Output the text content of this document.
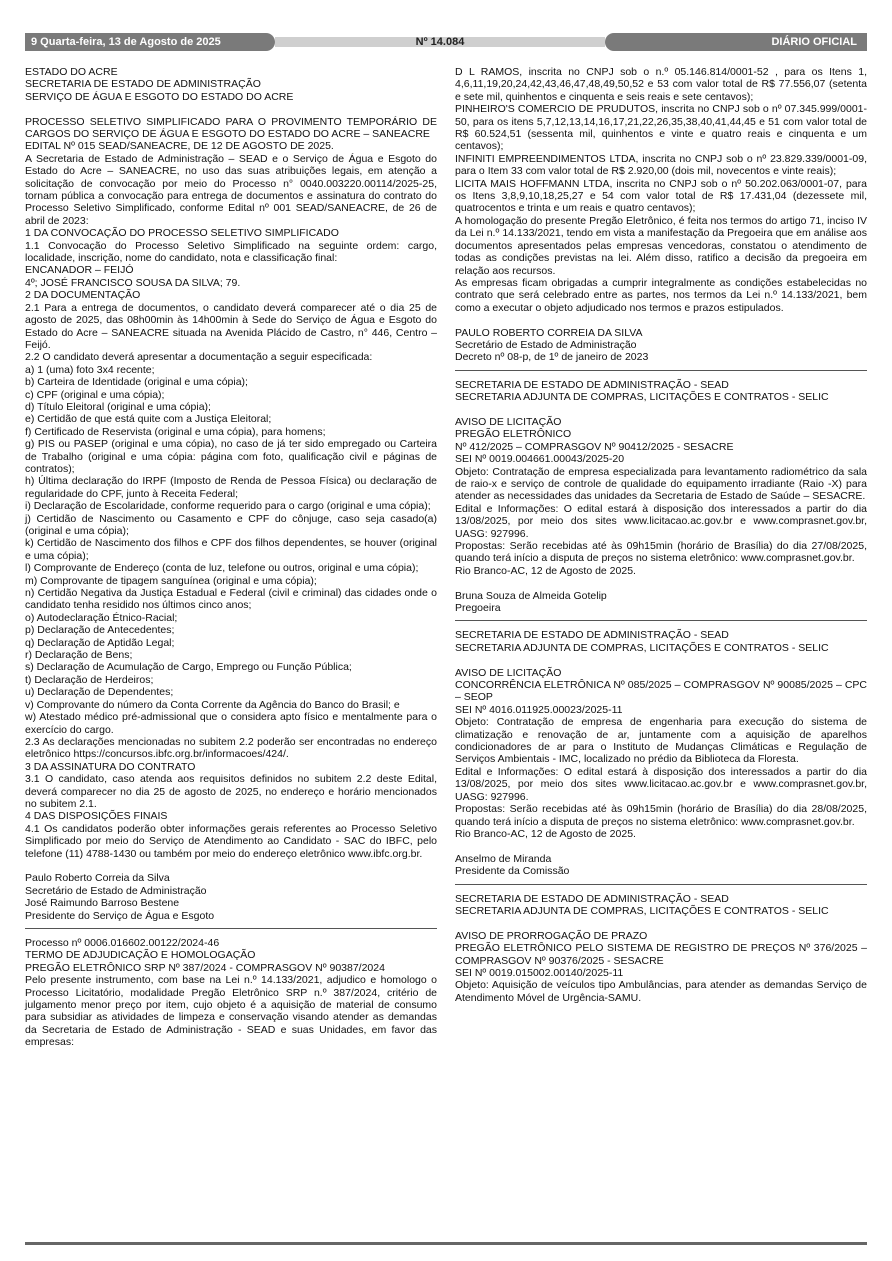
9 Quarta-feira, 13 de Agosto de 2025	Nº 14.084	DIÁRIO OFICIAL

ESTADO DO ACRE

SECRETARIA DE ESTADO DE ADMINISTRAÇÃO

SERVIÇO DE ÁGUA E ESGOTO DO ESTADO DO ACRE

PROCESSO SELETIVO SIMPLIFICADO PARA O PROVIMENTO TEMPORÁRIO DE CARGOS DO SERVIÇO DE ÁGUA E ESGOTO DO ESTADO DO ACRE – SANEACRE

EDITAL Nº 015 SEAD/SANEACRE, DE 12 DE AGOSTO DE 2025.

A Secretaria de Estado de Administração – SEAD e o Serviço de Água e Esgoto do Estado do Acre – SANEACRE, no uso das suas atribuições legais, em atenção a solicitação de convocação por meio do Processo n° 0040.003220.00114/2025-25, tornam pública a convocação para entrega de documentos e assinatura do contrato do Processo Seletivo Simplificado, conforme Edital nº 001 SEAD/SANEACRE, de 26 de abril de 2023:

1 DA CONVOCAÇÃO DO PROCESSO SELETIVO SIMPLIFICADO

1.1 Convocação do Processo Seletivo Simplificado na seguinte ordem: cargo, localidade, inscrição, nome do candidato, nota e classificação final:

ENCANADOR – FEIJÓ

4º; JOSÉ FRANCISCO SOUSA DA SILVA; 79.

2 DA DOCUMENTAÇÃO

2.1 Para a entrega de documentos, o candidato deverá comparecer até o dia 25 de agosto de 2025, das 08h00min às 14h00min à Sede do Serviço de Água e Esgoto do Estado do Acre – SANEACRE situada na Avenida Plácido de Castro, n° 446, Centro – Feijó.

2.2 O candidato deverá apresentar a documentação a seguir especificada:

a) 1 (uma) foto 3x4 recente;

b) Carteira de Identidade (original e uma cópia);

c) CPF (original e uma cópia);

d) Título Eleitoral (original e uma cópia);

e) Certidão de que está quite com a Justiça Eleitoral;

f) Certificado de Reservista (original e uma cópia), para homens;

g) PIS ou PASEP (original e uma cópia), no caso de já ter sido empregado ou Carteira de Trabalho (original e uma cópia: página com foto, qualificação civil e páginas de contratos);

h) Última declaração do IRPF (Imposto de Renda de Pessoa Física) ou declaração de regularidade do CPF, junto à Receita Federal;

i) Declaração de Escolaridade, conforme requerido para o cargo (original e uma cópia);

j) Certidão de Nascimento ou Casamento e CPF do cônjuge, caso seja casado(a) (original e uma cópia);

k) Certidão de Nascimento dos filhos e CPF dos filhos dependentes, se houver (original e uma cópia);

l) Comprovante de Endereço (conta de luz, telefone ou outros, original e uma cópia);

m) Comprovante de tipagem sanguínea (original e uma cópia);

n) Certidão Negativa da Justiça Estadual e Federal (civil e criminal) das cidades onde o candidato tenha residido nos últimos cinco anos;

o) Autodeclaração Étnico-Racial;

p) Declaração de Antecedentes;

q) Declaração de Aptidão Legal;

r) Declaração de Bens;

s) Declaração de Acumulação de Cargo, Emprego ou Função Pública;

t) Declaração de Herdeiros;

u) Declaração de Dependentes;

v) Comprovante do número da Conta Corrente da Agência do Banco do Brasil; e

w) Atestado médico pré-admissional que o considera apto físico e mentalmente para o exercício do cargo.

2.3 As declarações mencionadas no subitem 2.2 poderão ser encontradas no endereço eletrônico https://concursos.ibfc.org.br/informacoes/424/.

3 DA ASSINATURA DO CONTRATO

3.1 O candidato, caso atenda aos requisitos definidos no subitem 2.2 deste Edital, deverá comparecer no dia 25 de agosto de 2025, no endereço e horário mencionados no subitem 2.1.

4 DAS DISPOSIÇÕES FINAIS

4.1 Os candidatos poderão obter informações gerais referentes ao Processo Seletivo Simplificado por meio do Serviço de Atendimento ao Candidato - SAC do IBFC, pelo telefone (11) 4788-1430 ou também por meio do endereço eletrônico www.ibfc.org.br.

Paulo Roberto Correia da Silva

Secretário de Estado de Administração

José Raimundo Barroso Bestene

Presidente do Serviço de Água e Esgoto

Processo nº 0006.016602.00122/2024-46

TERMO DE ADJUDICAÇÃO E HOMOLOGAÇÃO

PREGÃO ELETRÔNICO SRP Nº 387/2024 - COMPRASGOV Nº 90387/2024

Pelo presente instrumento, com base na Lei n.º 14.133/2021, adjudico e homologo o Processo Licitatório, modalidade Pregão Eletrônico SRP n.º 387/2024, critério de julgamento menor preço por item, cujo objeto é a aquisição de material de consumo para subsidiar as atividades de limpeza e conservação visando atender as demandas da Secretaria de Estado de Administração - SEAD e suas Unidades, em favor das empresas:

D L RAMOS, inscrita no CNPJ sob o n.º 05.146.814/0001-52 , para os Itens 1, 4,6,11,19,20,24,42,43,46,47,48,49,50,52 e 53 com valor total de R$ 77.556,07 (setenta e sete mil, quinhentos e cinquenta e seis reais e sete centavos);

PINHEIRO'S COMERCIO DE PRUDUTOS, inscrita no CNPJ sob o nº 07.345.999/0001-50, para os itens 5,7,12,13,14,16,17,21,22,26,35,38,40,41,44,45 e 51 com valor total de R$ 60.524,51 (sessenta mil, quinhentos e vinte e quatro reais e cinquenta e um centavos);

INFINITI EMPREENDIMENTOS LTDA, inscrita no CNPJ sob o nº 23.829.339/0001-09, para o Item 33 com valor total de R$ 2.920,00 (dois mil, novecentos e vinte reais);

LICITA MAIS HOFFMANN LTDA, inscrita no CNPJ sob o nº 50.202.063/0001-07, para os Itens 3,8,9,10,18,25,27 e 54 com valor total de R$ 17.431,04 (dezessete mil, quatrocentos e trinta e um reais e quatro centavos);

A homologação do presente Pregão Eletrônico, é feita nos termos do artigo 71, inciso IV da Lei n.º 14.133/2021, tendo em vista a manifestação da Pregoeira que em análise aos documentos apresentados pelas empresas vencedoras, constatou o atendimento de todas as condições previstas na lei. Além disso, ratifico a decisão da pregoeira em relação aos recursos.

As empresas ficam obrigadas a cumprir integralmente as condições estabelecidas no contrato que será celebrado entre as partes, nos termos da Lei n.º 14.133/2021, bem como a executar o objeto adjudicado nos termos e prazos estipulados.

PAULO ROBERTO CORREIA DA SILVA

Secretário de Estado de Administração

Decreto nº 08-p, de 1º de janeiro de 2023

SECRETARIA DE ESTADO DE ADMINISTRAÇÃO - SEAD

SECRETARIA ADJUNTA DE COMPRAS, LICITAÇÕES E CONTRATOS - SELIC

AVISO DE LICITAÇÃO

PREGÃO ELETRÔNICO

Nº 412/2025 – COMPRASGOV Nº 90412/2025 - SESACRE

SEI Nº 0019.004661.00043/2025-20

Objeto: Contratação de empresa especializada para levantamento radiométrico da sala de raio-x e serviço de controle de qualidade do equipamento irradiante (Raio -X) para atender as necessidades das unidades da Secretaria de Estado de Saúde – SESACRE.

Edital e Informações: O edital estará à disposição dos interessados a partir do dia 13/08/2025, por meio dos sites www.licitacao.ac.gov.br e www.comprasnet.gov.br, UASG: 927996.

Propostas: Serão recebidas até às 09h15min (horário de Brasília) do dia 27/08/2025, quando terá início a disputa de preços no sistema eletrônico: www.comprasnet.gov.br.

Rio Branco-AC, 12 de Agosto de 2025.

Bruna Souza de Almeida Gotelip

Pregoeira

SECRETARIA DE ESTADO DE ADMINISTRAÇÃO - SEAD

SECRETARIA ADJUNTA DE COMPRAS, LICITAÇÕES E CONTRATOS - SELIC

AVISO DE LICITAÇÃO

CONCORRÊNCIA ELETRÔNICA Nº 085/2025 – COMPRASGOV Nº 90085/2025 – CPC – SEOP

SEI Nº 4016.011925.00023/2025-11

Objeto: Contratação de empresa de engenharia para execução do sistema de climatização e renovação de ar, juntamente com a aquisição de aparelhos condicionadores de ar para o Instituto de Mudanças Climáticas e Regulação de Serviços Ambientais - IMC, localizado no prédio da Biblioteca da Floresta.

Edital e Informações: O edital estará à disposição dos interessados a partir do dia 13/08/2025, por meio dos sites www.licitacao.ac.gov.br e www.comprasnet.gov.br, UASG: 927996.

Propostas: Serão recebidas até às 09h15min (horário de Brasília) do dia 28/08/2025, quando terá início a disputa de preços no sistema eletrônico: www.comprasnet.gov.br.

Rio Branco-AC, 12 de Agosto de 2025.

Anselmo de Miranda

Presidente da Comissão

SECRETARIA DE ESTADO DE ADMINISTRAÇÃO - SEAD

SECRETARIA ADJUNTA DE COMPRAS, LICITAÇÕES E CONTRATOS - SELIC

AVISO DE PRORROGAÇÃO DE PRAZO

PREGÃO ELETRÔNICO PELO SISTEMA DE REGISTRO DE PREÇOS Nº 376/2025 – COMPRASGOV Nº 90376/2025 - SESACRE

SEI Nº 0019.015002.00140/2025-11

Objeto: Aquisição de veículos tipo Ambulâncias, para atender as demandas Serviço de Atendimento Móvel de Urgência-SAMU.
